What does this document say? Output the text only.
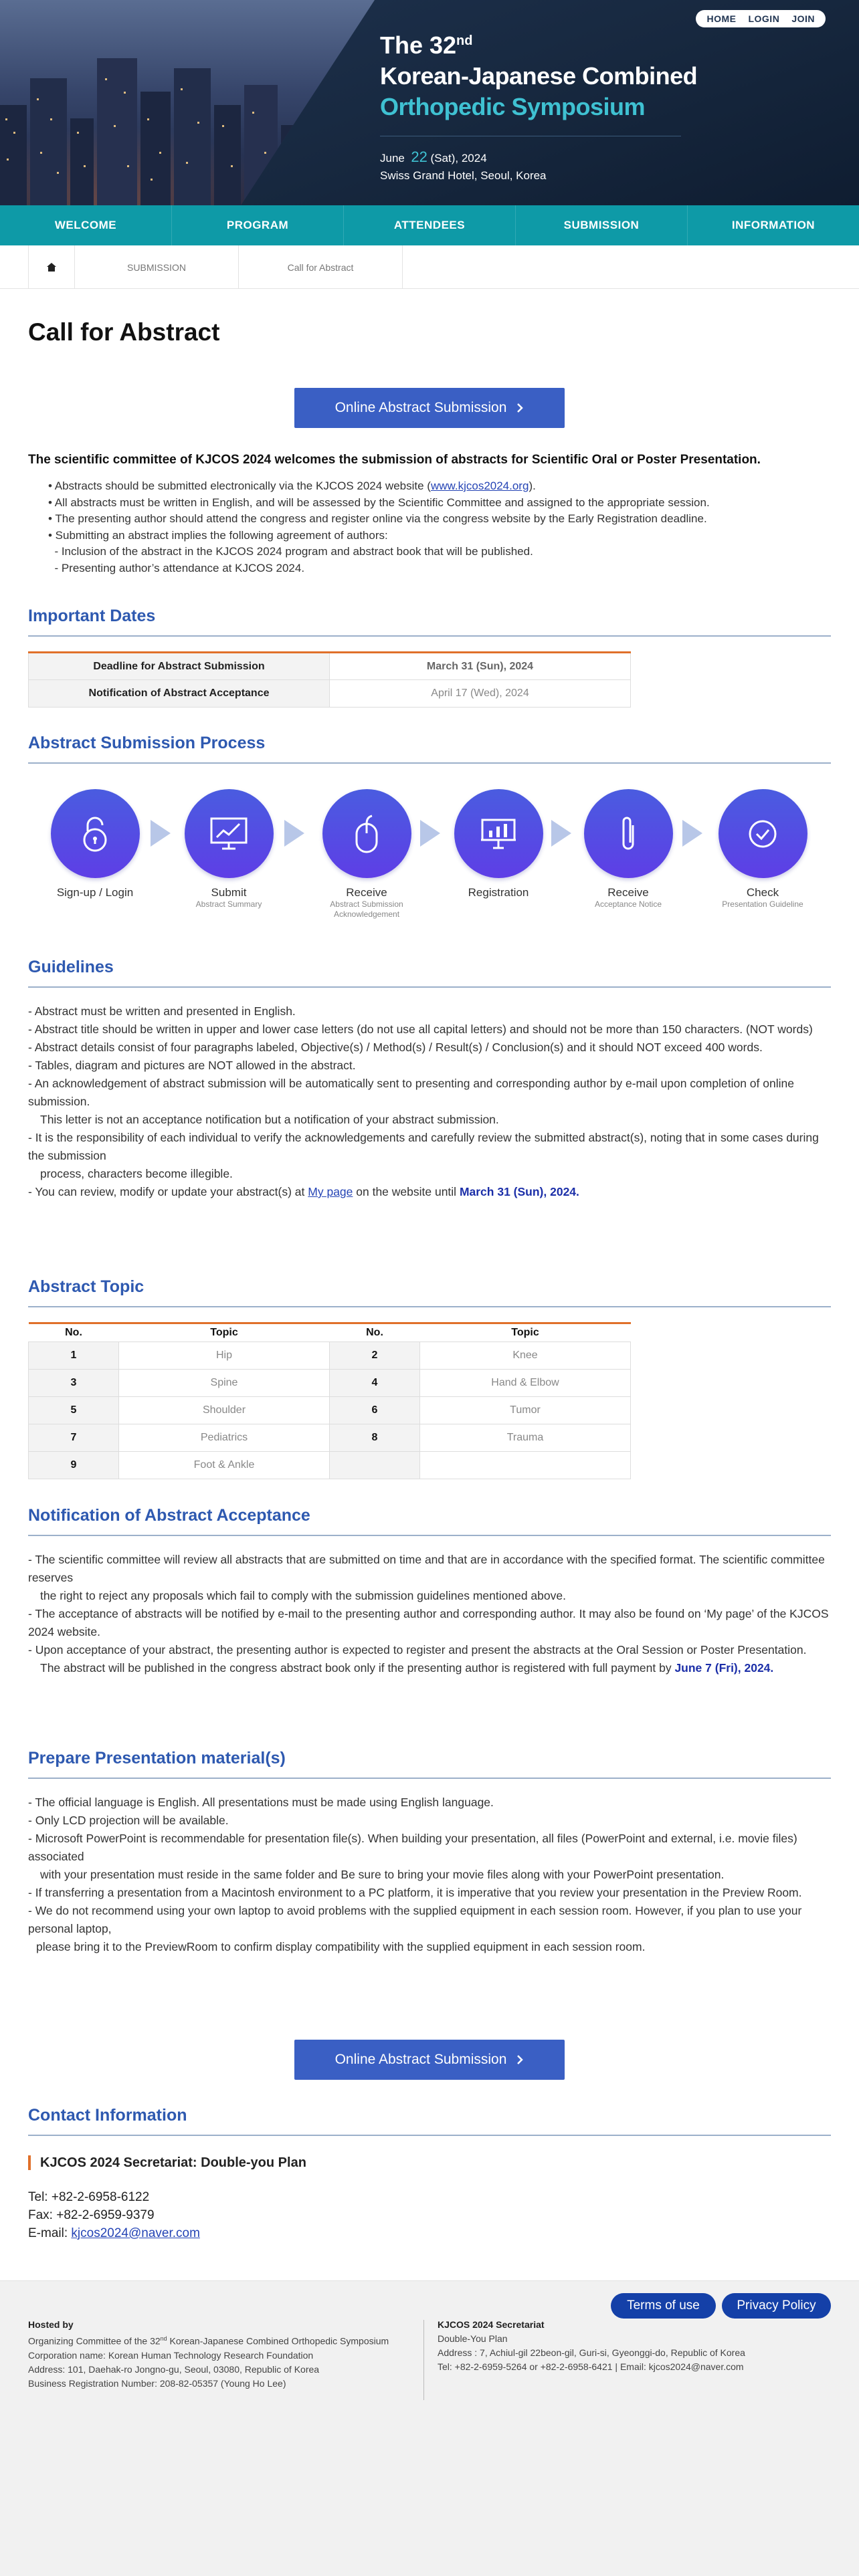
HOME LOGIN JOIN
The 32nd
Korean-Japanese Combined
Orthopedic Symposium
June 22 (Sat), 2024
Swiss Grand Hotel, Seoul, Korea
WELCOME	PROGRAM	ATTENDEES	SUBMISSION	INFORMATION
SUBMISSION	Call for Abstract
Call for Abstract
Online Abstract Submission
The scientific committee of KJCOS 2024 welcomes the submission of abstracts for Scientific Oral or Poster Presentation.
• Abstracts should be submitted electronically via the KJCOS 2024 website (www.kjcos2024.org).
• All abstracts must be written in English, and will be assessed by the Scientific Committee and assigned to the appropriate session.
• The presenting author should attend the congress and register online via the congress website by the Early Registration deadline.
• Submitting an abstract implies the following agreement of authors:
- Inclusion of the abstract in the KJCOS 2024 program and abstract book that will be published.
- Presenting author’s attendance at KJCOS 2024.
Important Dates
Deadline for Abstract Submission	March 31 (Sun), 2024
Notification of Abstract Acceptance	April 17 (Wed), 2024
Abstract Submission Process
Sign-up / Login	Submit
Abstract Summary
Receive
Abstract Submission Acknowledgement
Registration	Receive
Acceptance Notice
Check
Presentation Guideline
Guidelines
- Abstract must be written and presented in English.
- Abstract title should be written in upper and lower case letters (do not use all capital letters) and should not be more than 150 characters. (NOT words)
- Abstract details consist of four paragraphs labeled, Objective(s) / Method(s) / Result(s) / Conclusion(s) and it should NOT exceed 400 words.
- Tables, diagram and pictures are NOT allowed in the abstract.
- An acknowledgement of abstract submission will be automatically sent to presenting and corresponding author by e-mail upon completion of online submission.
This letter is not an acceptance notification but a notification of your abstract submission.
- It is the responsibility of each individual to verify the acknowledgements and carefully review the submitted abstract(s), noting that in some cases during the submission
process, characters become illegible.
- You can review, modify or update your abstract(s) at My page on the website until March 31 (Sun), 2024.
Abstract Topic
No.	Topic	No.	Topic
1	Hip	2	Knee
3	Spine	4	Hand & Elbow
5	Shoulder	6	Tumor
7	Pediatrics	8	Trauma
9	Foot & Ankle		
Notification of Abstract Acceptance
- The scientific committee will review all abstracts that are submitted on time and that are in accordance with the specified format. The scientific committee reserves
the right to reject any proposals which fail to comply with the submission guidelines mentioned above.
- The acceptance of abstracts will be notified by e-mail to the presenting author and corresponding author. It may also be found on ‘My page’ of the KJCOS 2024 website.
- Upon acceptance of your abstract, the presenting author is expected to register and present the abstracts at the Oral Session or Poster Presentation.
The abstract will be published in the congress abstract book only if the presenting author is registered with full payment by June 7 (Fri), 2024.
Prepare Presentation material(s)
- The official language is English. All presentations must be made using English language.
- Only LCD projection will be available.
- Microsoft PowerPoint is recommendable for presentation file(s). When building your presentation, all files (PowerPoint and external, i.e. movie files) associated
with your presentation must reside in the same folder and Be sure to bring your movie files along with your PowerPoint presentation.
- If transferring a presentation from a Macintosh environment to a PC platform, it is imperative that you review your presentation in the Preview Room.
- We do not recommend using your own laptop to avoid problems with the supplied equipment in each session room. However, if you plan to use your personal laptop,
please bring it to the PreviewRoom to confirm display compatibility with the supplied equipment in each session room.
Online Abstract Submission
Contact Information
KJCOS 2024 Secretariat: Double-you Plan
Tel: +82-2-6958-6122
Fax: +82-2-6959-9379
E-mail: kjcos2024@naver.com
Terms of use	Privacy Policy
Hosted by
Organizing Committee of the 32nd Korean-Japanese Combined Orthopedic Symposium
Corporation name: Korean Human Technology Research Foundation
Address: 101, Daehak-ro Jongno-gu, Seoul, 03080, Republic of Korea
Business Registration Number: 208-82-05357 (Young Ho Lee)
KJCOS 2024 Secretariat
Double-You Plan
Address : 7, Achiul-gil 22beon-gil, Guri-si, Gyeonggi-do, Republic of Korea
Tel: +82-2-6959-5264 or +82-2-6958-6421 | Email: kjcos2024@naver.com
